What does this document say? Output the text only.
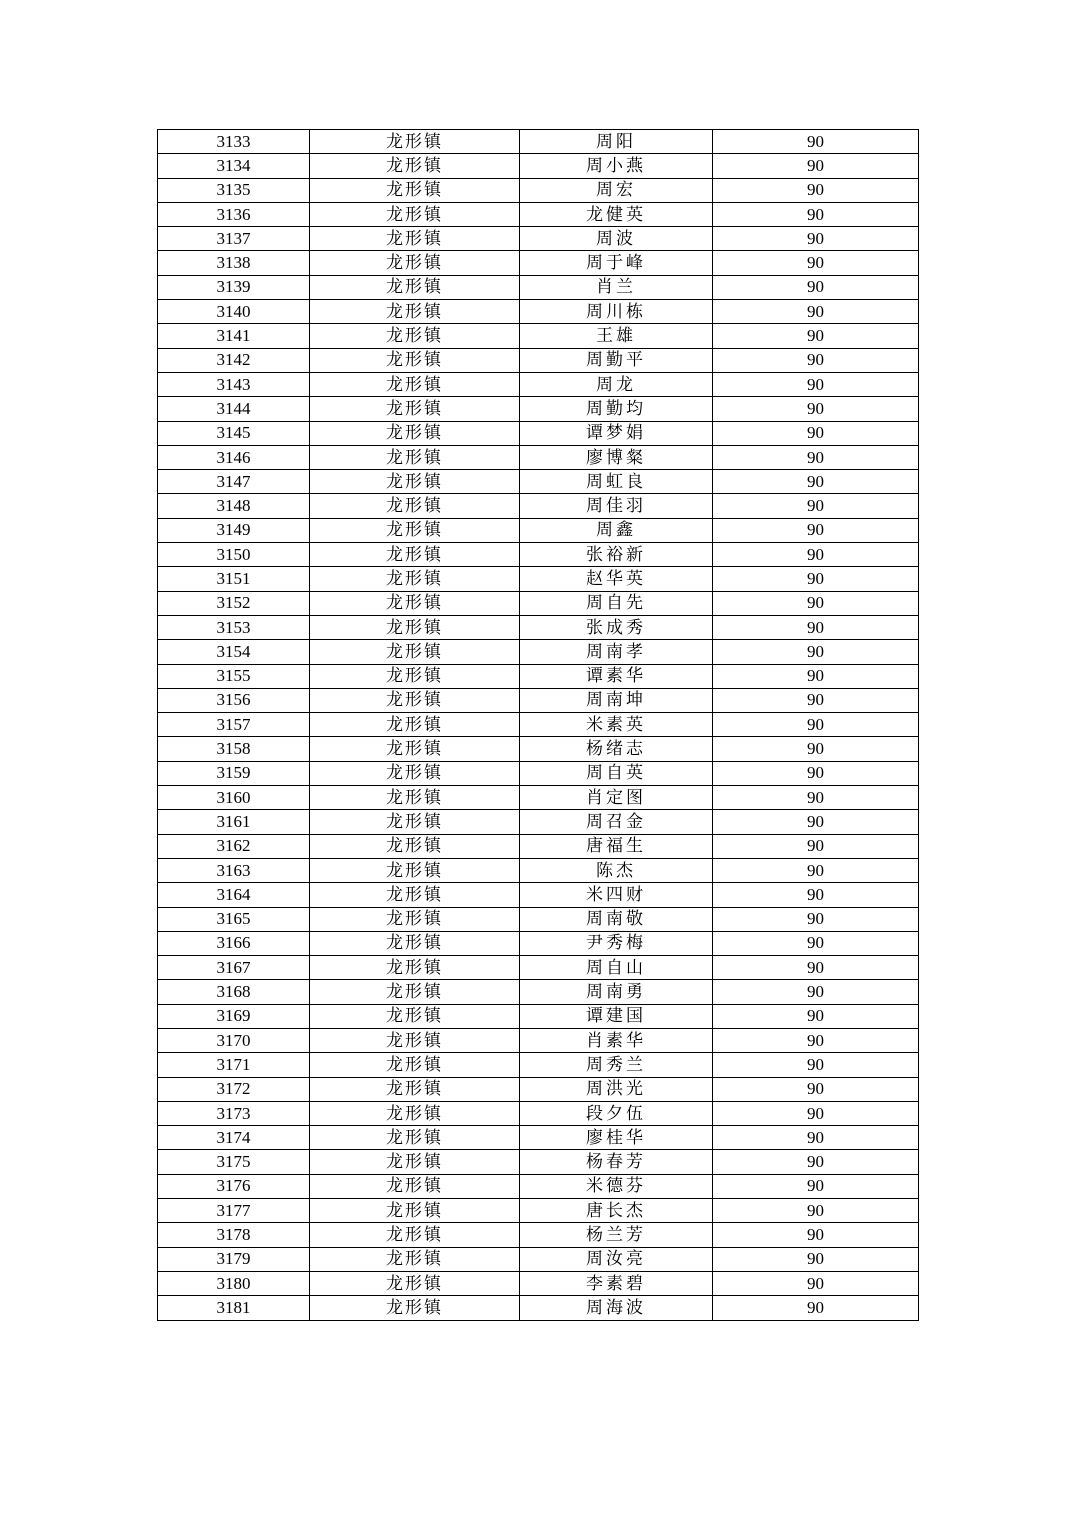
3133	龙形镇	周阳	90
3134	龙形镇	周小燕	90
3135	龙形镇	周宏	90
3136	龙形镇	龙健英	90
3137	龙形镇	周波	90
3138	龙形镇	周于峰	90
3139	龙形镇	肖兰	90
3140	龙形镇	周川栋	90
3141	龙形镇	王雄	90
3142	龙形镇	周勤平	90
3143	龙形镇	周龙	90
3144	龙形镇	周勤均	90
3145	龙形镇	谭梦娟	90
3146	龙形镇	廖博粲	90
3147	龙形镇	周虹良	90
3148	龙形镇	周佳羽	90
3149	龙形镇	周鑫	90
3150	龙形镇	张裕新	90
3151	龙形镇	赵华英	90
3152	龙形镇	周自先	90
3153	龙形镇	张成秀	90
3154	龙形镇	周南孝	90
3155	龙形镇	谭素华	90
3156	龙形镇	周南坤	90
3157	龙形镇	米素英	90
3158	龙形镇	杨绪志	90
3159	龙形镇	周自英	90
3160	龙形镇	肖定图	90
3161	龙形镇	周召金	90
3162	龙形镇	唐福生	90
3163	龙形镇	陈杰	90
3164	龙形镇	米四财	90
3165	龙形镇	周南敬	90
3166	龙形镇	尹秀梅	90
3167	龙形镇	周自山	90
3168	龙形镇	周南勇	90
3169	龙形镇	谭建国	90
3170	龙形镇	肖素华	90
3171	龙形镇	周秀兰	90
3172	龙形镇	周洪光	90
3173	龙形镇	段夕伍	90
3174	龙形镇	廖桂华	90
3175	龙形镇	杨春芳	90
3176	龙形镇	米德芬	90
3177	龙形镇	唐长杰	90
3178	龙形镇	杨兰芳	90
3179	龙形镇	周汝亮	90
3180	龙形镇	李素碧	90
3181	龙形镇	周海波	90
